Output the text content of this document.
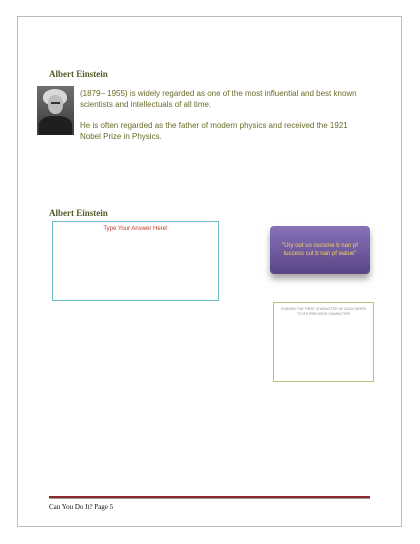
Albert Einstein
(1879– 1955) is widely regarded as one of the most influential and best known scientists and intellectuals of all time.
He is often regarded as the father of modern physics and received the 1921 Nobel Prize in Physics.
Albert Einstein
Type Your Answer Here!
"Ury oot uo cecome b nan pf tuccess cut b nan pf walue"
CHANGE THE FIRST CHARACTER OF EACH WORD TO ITS PREVIOUS CHARACTER
Can You Do It? Page 5
